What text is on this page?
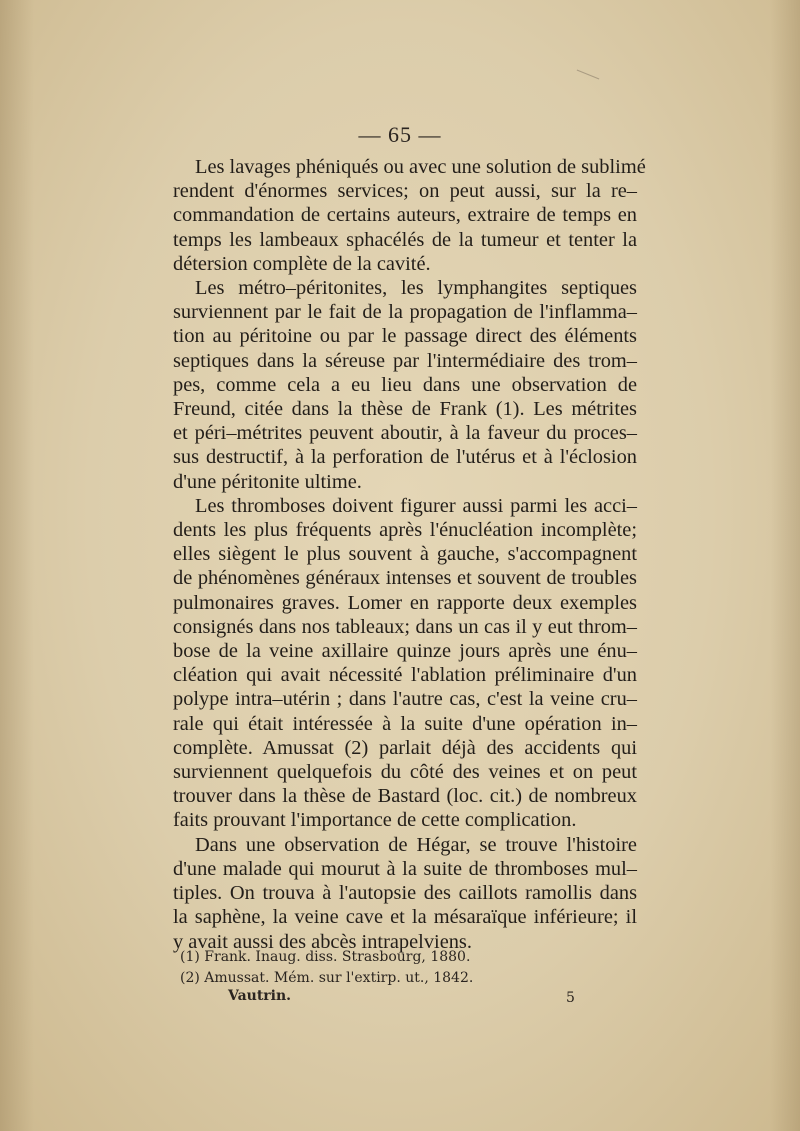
— 65 —
Les lavages phéniqués ou avec une solution de sublimé
rendent d'énormes services; on peut aussi, sur la re–
commandation de certains auteurs, extraire de temps en
temps les lambeaux sphacélés de la tumeur et tenter la
détersion complète de la cavité.
Les métro–péritonites, les lymphangites septiques
surviennent par le fait de la propagation de l'inflamma–
tion au péritoine ou par le passage direct des éléments
septiques dans la séreuse par l'intermédiaire des trom–
pes, comme cela a eu lieu dans une observation de
Freund, citée dans la thèse de Frank (1). Les métrites
et péri–métrites peuvent aboutir, à la faveur du proces–
sus destructif, à la perforation de l'utérus et à l'éclosion
d'une péritonite ultime.
Les thromboses doivent figurer aussi parmi les acci–
dents les plus fréquents après l'énucléation incomplète;
elles siègent le plus souvent à gauche, s'accompagnent
de phénomènes généraux intenses et souvent de troubles
pulmonaires graves. Lomer en rapporte deux exemples
consignés dans nos tableaux; dans un cas il y eut throm–
bose de la veine axillaire quinze jours après une énu–
cléation qui avait nécessité l'ablation préliminaire d'un
polype intra–utérin ; dans l'autre cas, c'est la veine cru–
rale qui était intéressée à la suite d'une opération in–
complète. Amussat (2) parlait déjà des accidents qui
surviennent quelquefois du côté des veines et on peut
trouver dans la thèse de Bastard (loc. cit.) de nombreux
faits prouvant l'importance de cette complication.
Dans une observation de Hégar, se trouve l'histoire
d'une malade qui mourut à la suite de thromboses mul–
tiples. On trouva à l'autopsie des caillots ramollis dans
la saphène, la veine cave et la mésaraïque inférieure; il
y avait aussi des abcès intrapelviens.
(1) Frank. Inaug. diss. Strasbourg, 1880.
(2) Amussat. Mém. sur l'extirp. ut., 1842.
Vautrin.	5
